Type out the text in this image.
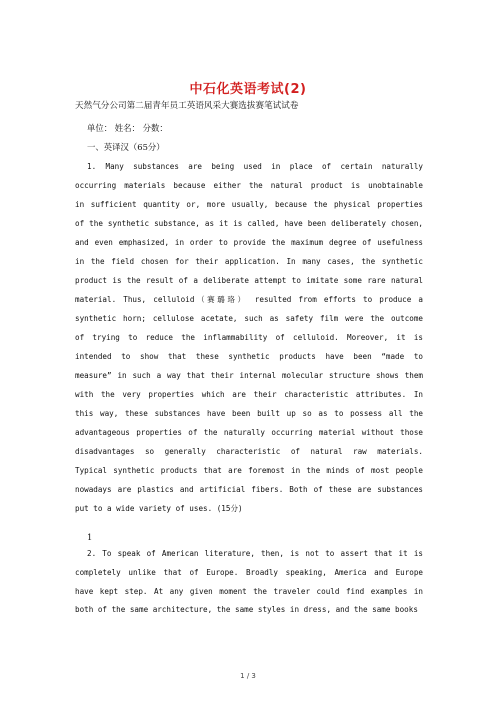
中石化英语考试(2)
天然气分公司第二届青年员工英语风采大赛选拔赛笔试试卷
单位： 姓名： 分数：
一、英译汉（65分）
1. Many substances are being used in place of certain naturally
occurring materials because either the natural product is unobtainable
in sufficient quantity or, more usually, because the physical properties
of the synthetic substance, as it is called, have been deliberately chosen,
and even emphasized, in order to provide the maximum degree of usefulness
in the field chosen for their application. In many cases, the synthetic
product is the result of a deliberate attempt to imitate some rare natural
material. Thus, celluloid（赛璐珞） resulted from efforts to produce a
synthetic horn; cellulose acetate, such as safety film were the outcome
of trying to reduce the inflammability of celluloid. Moreover, it is
intended to show that these synthetic products have been “made to
measure” in such a way that their internal molecular structure shows them
with the very properties which are their characteristic attributes. In
this way, these substances have been built up so as to possess all the
advantageous properties of the naturally occurring material without those
disadvantages so generally characteristic of natural raw materials.
Typical synthetic products that are foremost in the minds of most people
nowadays are plastics and artificial fibers. Both of these are substances
put to a wide variety of uses. (15分)
1
2. To speak of American literature, then, is not to assert that it is
completely unlike that of Europe. Broadly speaking, America and Europe
have kept step. At any given moment the traveler could find examples in
both of the same architecture, the same styles in dress, and the same books
1 / 3
